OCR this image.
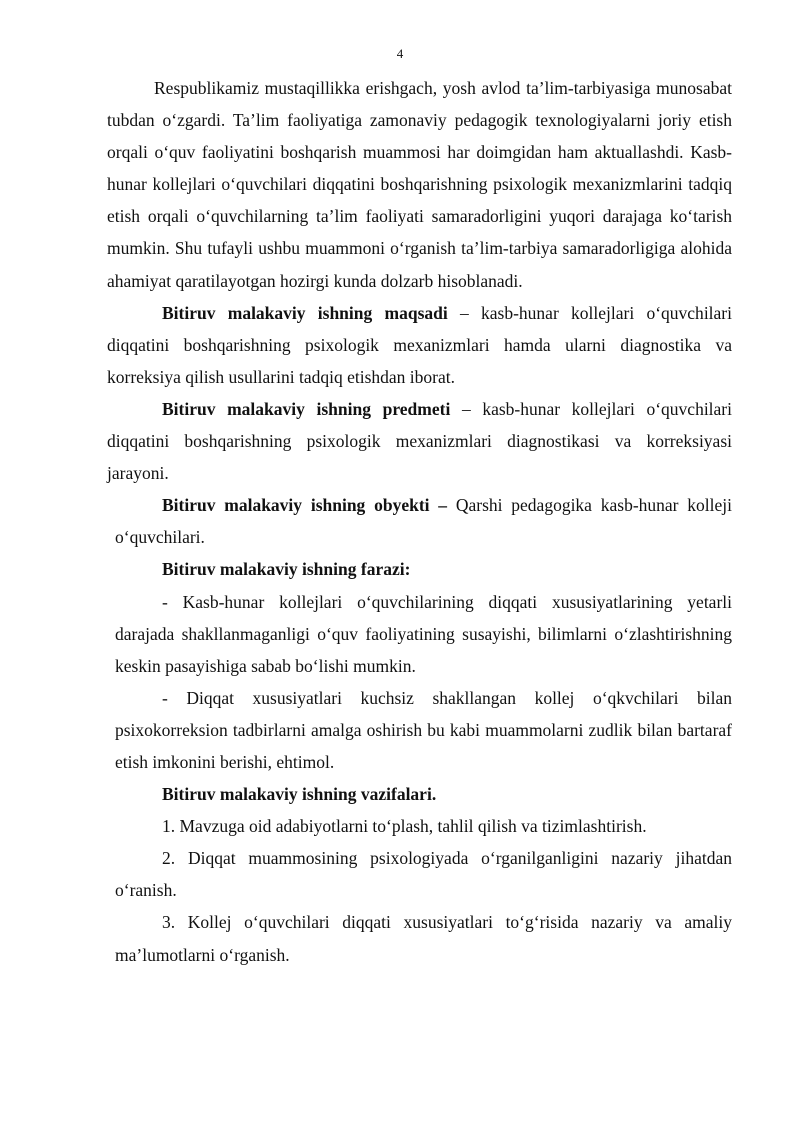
4

Respublikamiz mustaqillikka erishgach, yosh avlod ta’lim-tarbiyasiga munosabat tubdan o‘zgardi. Ta’lim faoliyatiga zamonaviy pedagogik texnologiyalarni joriy etish orqali o‘quv faoliyatini boshqarish muammosi har doimgidan ham aktuallashdi. Kasb-hunar kollejlari o‘quvchilari diqqatini boshqarishning psixologik mexanizmlarini tadqiq etish orqali o‘quvchilarning ta’lim faoliyati samaradorligini yuqori darajaga ko‘tarish mumkin. Shu tufayli ushbu muammoni o‘rganish ta’lim-tarbiya samaradorligiga alohida ahamiyat qaratilayotgan hozirgi kunda dolzarb hisoblanadi.

Bitiruv malakaviy ishning maqsadi – kasb-hunar kollejlari o‘quvchilari diqqatini boshqarishning psixologik mexanizmlari hamda ularni diagnostika va korreksiya qilish usullarini tadqiq etishdan iborat.

Bitiruv malakaviy ishning predmeti – kasb-hunar kollejlari o‘quvchilari diqqatini boshqarishning psixologik mexanizmlari diagnostikasi va korreksiyasi jarayoni.

Bitiruv malakaviy ishning obyekti – Qarshi pedagogika kasb-hunar kolleji o‘quvchilari.

Bitiruv malakaviy ishning farazi:

- Kasb-hunar kollejlari o‘quvchilarining diqqati xususiyatlarining yetarli darajada shakllanmaganligi o‘quv faoliyatining susayishi, bilimlarni o‘zlashtirishning keskin pasayishiga sabab bo‘lishi mumkin.

- Diqqat xususiyatlari kuchsiz shakllangan kollej o‘qkvchilari bilan psixokorreksion tadbirlarni amalga oshirish bu kabi muammolarni zudlik bilan bartaraf etish imkonini berishi, ehtimol.

Bitiruv malakaviy ishning vazifalari.

1. Mavzuga oid adabiyotlarni to‘plash, tahlil qilish va tizimlashtirish.

2. Diqqat muammosining psixologiyada o‘rganilganligini nazariy jihatdan o‘ranish.

3. Kollej o‘quvchilari diqqati xususiyatlari to‘g‘risida nazariy va amaliy ma’lumotlarni o‘rganish.
